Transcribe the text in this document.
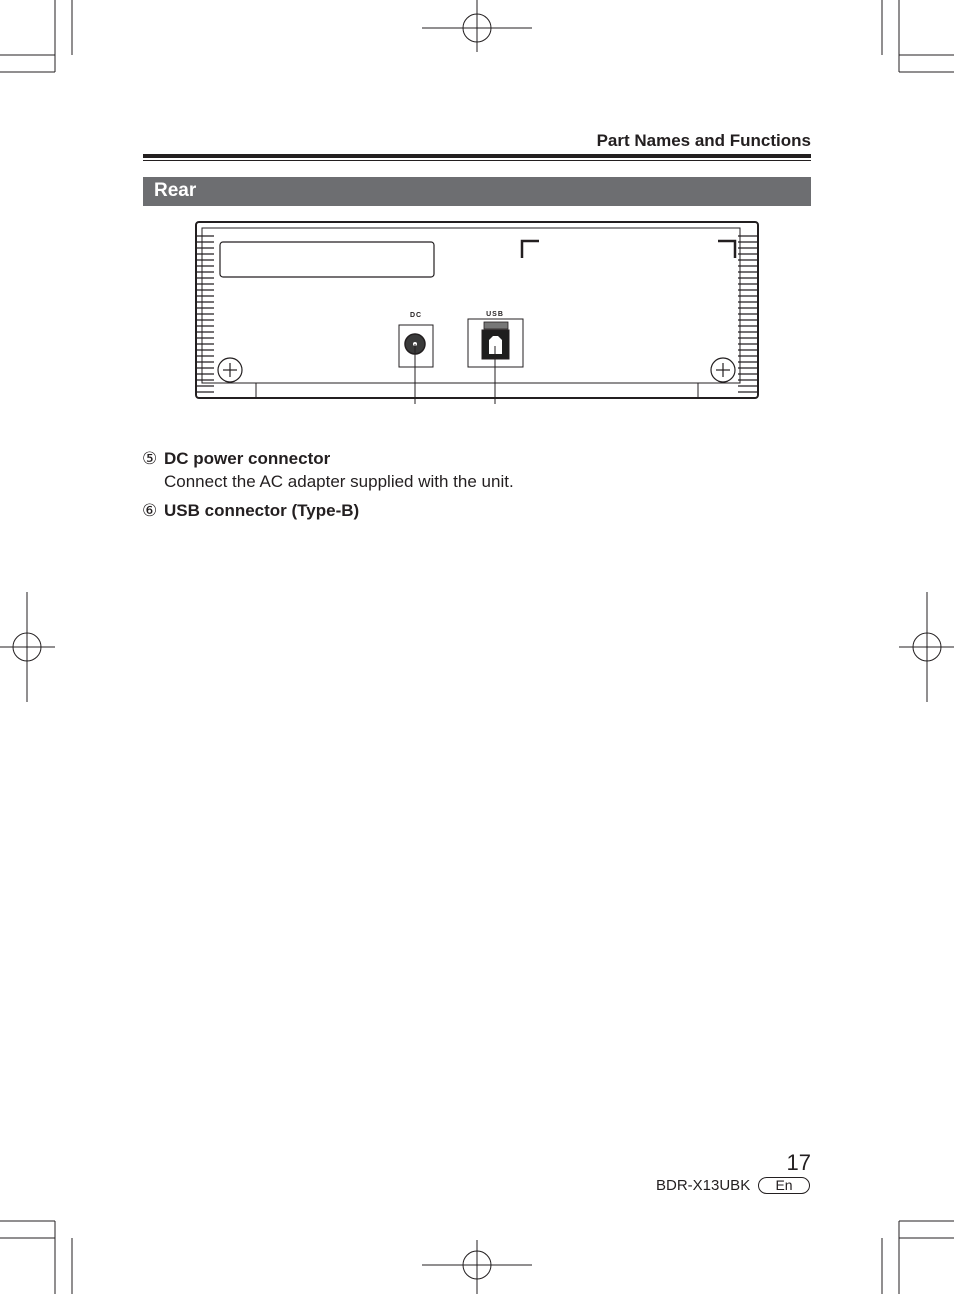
Part Names and Functions
Rear
DC	USB
⑤ DC power connector
Connect the AC adapter supplied with the unit.
⑥ USB connector (Type-B)
17
BDR-X13UBK	En
